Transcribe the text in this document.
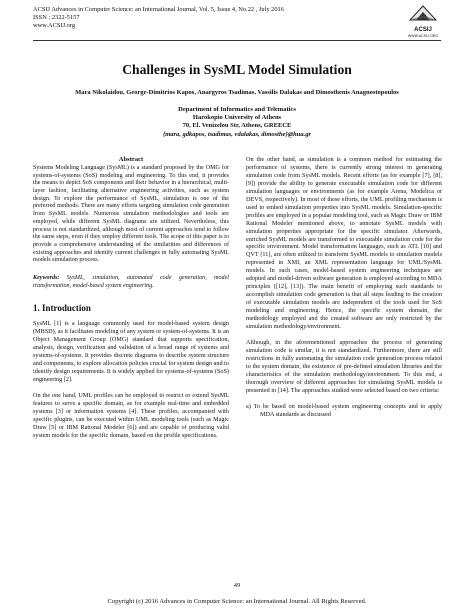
ACSIJ Advances in Computer Science: an International Journal, Vol. 5, Issue 4, No.22 , July 2016
ISSN : 2322-5157
www.ACSIJ.org
ACSIJ
WWW.ACSIJ.ORG
Challenges in SysML Model Simulation
Mara Nikolaidou, George-Dimitrios Kapos, Anargyros Tsadimas, Vassilis Dalakas and Dimosthenis Anagnostopoulos
Department of Informatics and Telematics
Harokopio University of Athens
70, El. Venizelou Str, Athens, GREECE
{mara, gdkapos, tsadimas, vdalakas, dimosthe}@hua.gr
Abstract
Systems Modeling Language (SysML) is a standard proposed by the OMG for systems-of-systems (SoS) modeling and engineering. To this end, it provides the means to depict SoS components and their behavior in a hierarchical, multi-layer fashion, facilitating alternative engineering activities, such as system design. To explore the performance of SysML, simulation is one of the preferred methods. There are many efforts targeting simulation code generation from SysML models. Numerous simulation methodologies and tools are employed, while different SysML diagrams are utilized. Nevertheless, this process is not standardized, although most of current approaches tend to follow the same steps, even if they employ different tools. The scope of this paper is to provide a comprehensive understanding of the similarities and differences of existing approaches and identify current challenges in fully automating SysML models simulation process.
Keywords: SysML, simulation, automated code generation, model transformation, model-based system engineering.
1. Introduction

SysML [1] is a language commonly used for model-based system design (MBSD), as it facilitates modeling of any system or system-of-systems. It is an Object Management Group (OMG) standard that supports specification, analysis, design, verification and validation of a broad range of systems and systems-of-systems. It provides discrete diagrams to describe system structure and components, to explore allocation policies crucial for system design and to identify design requirements. It is widely applied for systems-of-systems (SoS) engineering [2].

On the one hand, UML profiles can be employed to restrict or extend SysML features to serve a specific domain, as for example real-time and embedded systems [3] or information systems [4]. These profiles, accompanied with specific plugins, can be executed within UML modeling tools (such as Magic Draw [5] or IBM Rational Modeler [6]) and are capable of producing valid system models for the specific domain, based on the profile specifications.

On the other hand, as simulation is a common method for estimating the performance of systems, there is currently strong interest in generating simulation code from SysML models. Recent efforts (as for example [7], [8], [9]) provide the ability to generate executable simulation code for different simulation languages or environments (as for example Arena, Modelica or DEVS, respectively). In most of these efforts, the UML profiling mechanism is used to embed simulation properties into SysML models. Simulation-specific profiles are employed in a popular modeling tool, such as Magic Draw or IBM Rational Modeler mentioned above, to annotate SysML models with simulation properties appropriate for the specific simulator. Afterwards, enriched SysML models are transformed to executable simulation code for the specific environment. Model transformation languages, such as ATL [10] and QVT [11], are often utilized to transform SysML models to simulation models represented in XMI, an XML representation language for UML/SysML models. In such cases, model-based system engineering techniques are adopted and model-driven software generation is employed according to MDA principles ([12], [13]). The main benefit of employing such standards to accomplish simulation code generation is that all steps leading to the creation of executable simulation models are independent of the tools used for SoS modeling and engineering. Hence, the specific system domain, the methodology employed and the created software are only restricted by the simulation methodology/environment.

Although, in the aforementioned approaches the process of generating simulation code is similar, it is not standardized. Furthermore, there are still restrictions in fully automating the simulation code generation process related to the system domain, the existence of pre-defined simulation libraries and the characteristics of the simulation methodology/environment. To this end, a thorough overview of different approaches for simulating SysML models is presented in [14]. The approaches studied were selected based on two criteria:

a) To be based on model-based system engineering concepts and to apply MDA standards as discussed
49
Copyright (c) 2016 Advances in Computer Science: an International Journal. All Rights Reserved.
